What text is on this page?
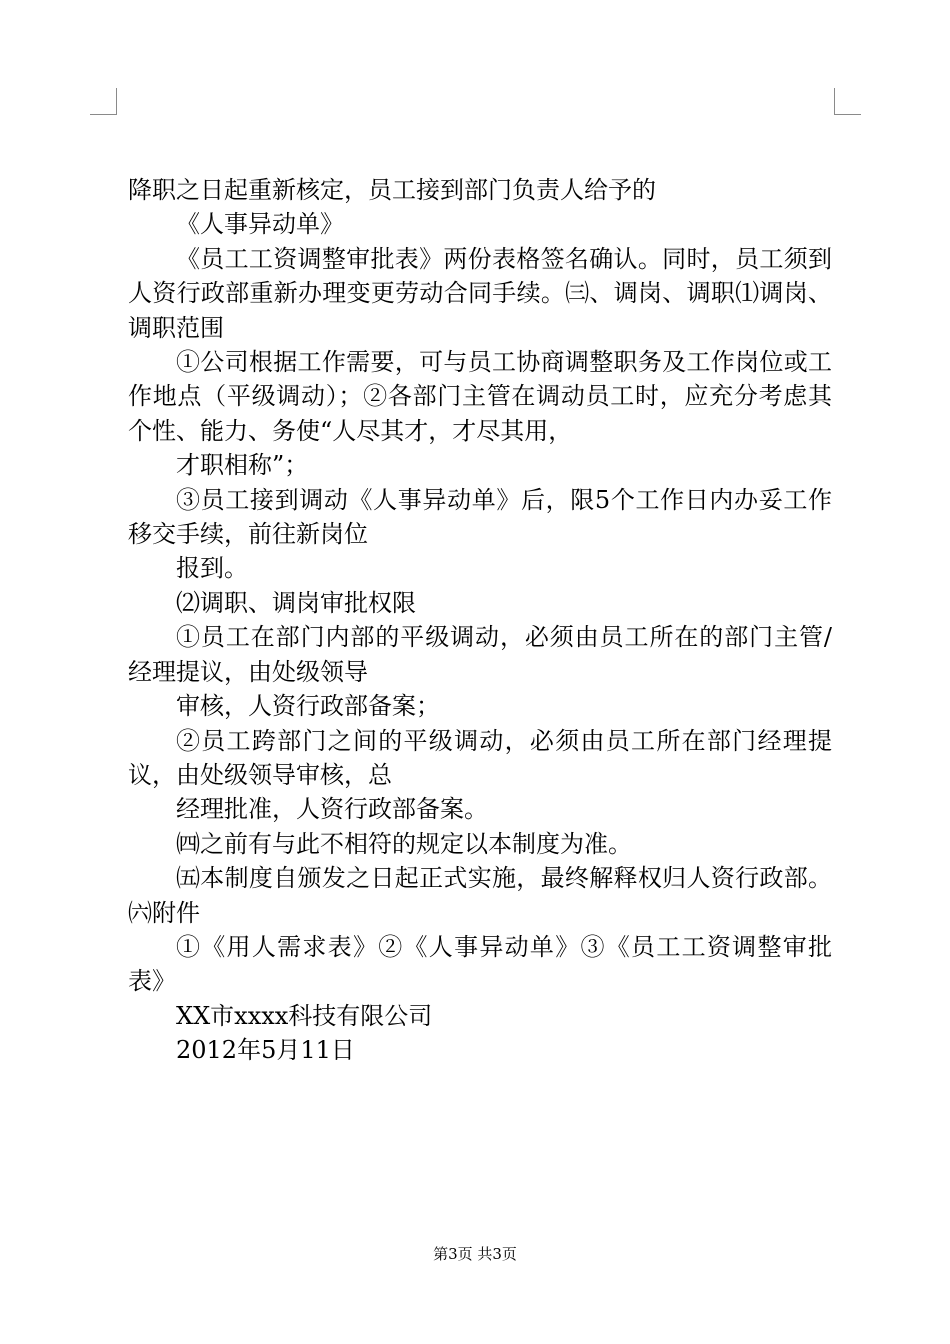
降职之日起重新核定，员工接到部门负责人给予的

《人事异动单》

《员工工资调整审批表》两份表格签名确认。同时，员工须到人资行政部重新办理变更劳动合同手续。㈢、调岗、调职⑴调岗、调职范围

①公司根据工作需要，可与员工协商调整职务及工作岗位或工作地点（平级调动）；②各部门主管在调动员工时，应充分考虑其个性、能力、务使“人尽其才，才尽其用，

才职相称”；

③员工接到调动《人事异动单》后，限5个工作日内办妥工作移交手续，前往新岗位

报到。

⑵调职、调岗审批权限

①员工在部门内部的平级调动，必须由员工所在的部门主管/经理提议，由处级领导

审核，人资行政部备案；

②员工跨部门之间的平级调动，必须由员工所在部门经理提议，由处级领导审核，总

经理批准，人资行政部备案。

㈣之前有与此不相符的规定以本制度为准。

㈤本制度自颁发之日起正式实施，最终解释权归人资行政部。㈥附件

①《用人需求表》②《人事异动单》③《员工工资调整审批表》

XX市xxxx科技有限公司

2012年5月11日

第3页 共3页
